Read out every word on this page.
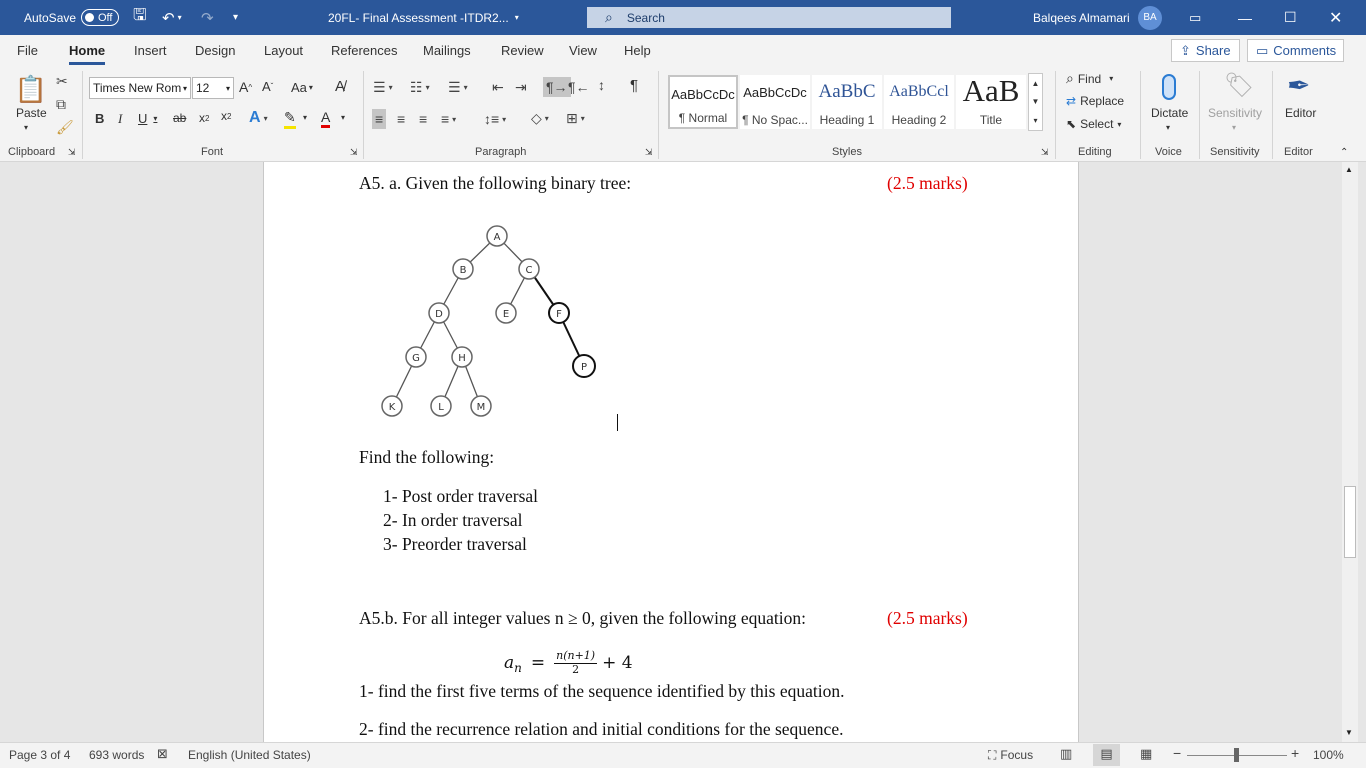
AutoSave Off 🖫 ↶ ▾ ↷ ▾	20FL- Final Assessment -ITDR2... ▾	⌕ Search	Balqees Almamari	BA	▭	— ☐ ✕
File Home Insert Design Layout References Mailings Review View Help	⇪ Share ▭ Comments
📋
Paste
▾
✂
⧉
🖌
Clipboard ⇲
Times New Rom ▾ 12	▾ A ^ A ˇ Aa ▾ A̸
B I U ▾ ab x 2 x 2 A ▾ ✎ ▾ A ▾
Font	⇲
☰ ▾ ☷ ▾ ☰ ▾ ⇤ ⇥ ¶→ ¶← ↕ ¶
≡ ≡ ≡ ≡ ▾ ↕≡ ▾ ◇ ▾ ⊞ ▾
Paragraph	⇲
AaBbCcDc
¶ Normal
AaBbCcDc
¶ No Spac...
AaBbC
Heading 1
AaBbCcl
Heading 2
AaB
Title
▲
▼
▾
Styles	⇲
⌕ Find ▾
⇄ Replace
⬉ Select ▾
Editing
Dictate
▾
Voice
🏷
Sensitivity
▾
Sensitivity
✒
Editor
Editor	⌃
A5. a. Given the following binary tree:	(2.5 marks)
A
B	C
D	E	F
G	H
P
K	L	M
Find the following:
1- Post order traversal
2- In order traversal
3- Preorder traversal
A5.b. For all integer values n ≥ 0, given the following equation:	(2.5 marks)
a $n = \frac{n(n+1)}{2} + 4$
1- find the first five terms of the sequence identified by this equation.
2- find the recurrence relation and initial conditions for the sequence.
▲
▼
Page 3 of 4 693 words ⊠ English (United States)	⛶ Focus ▥	▤	▦ −	+ 100%
